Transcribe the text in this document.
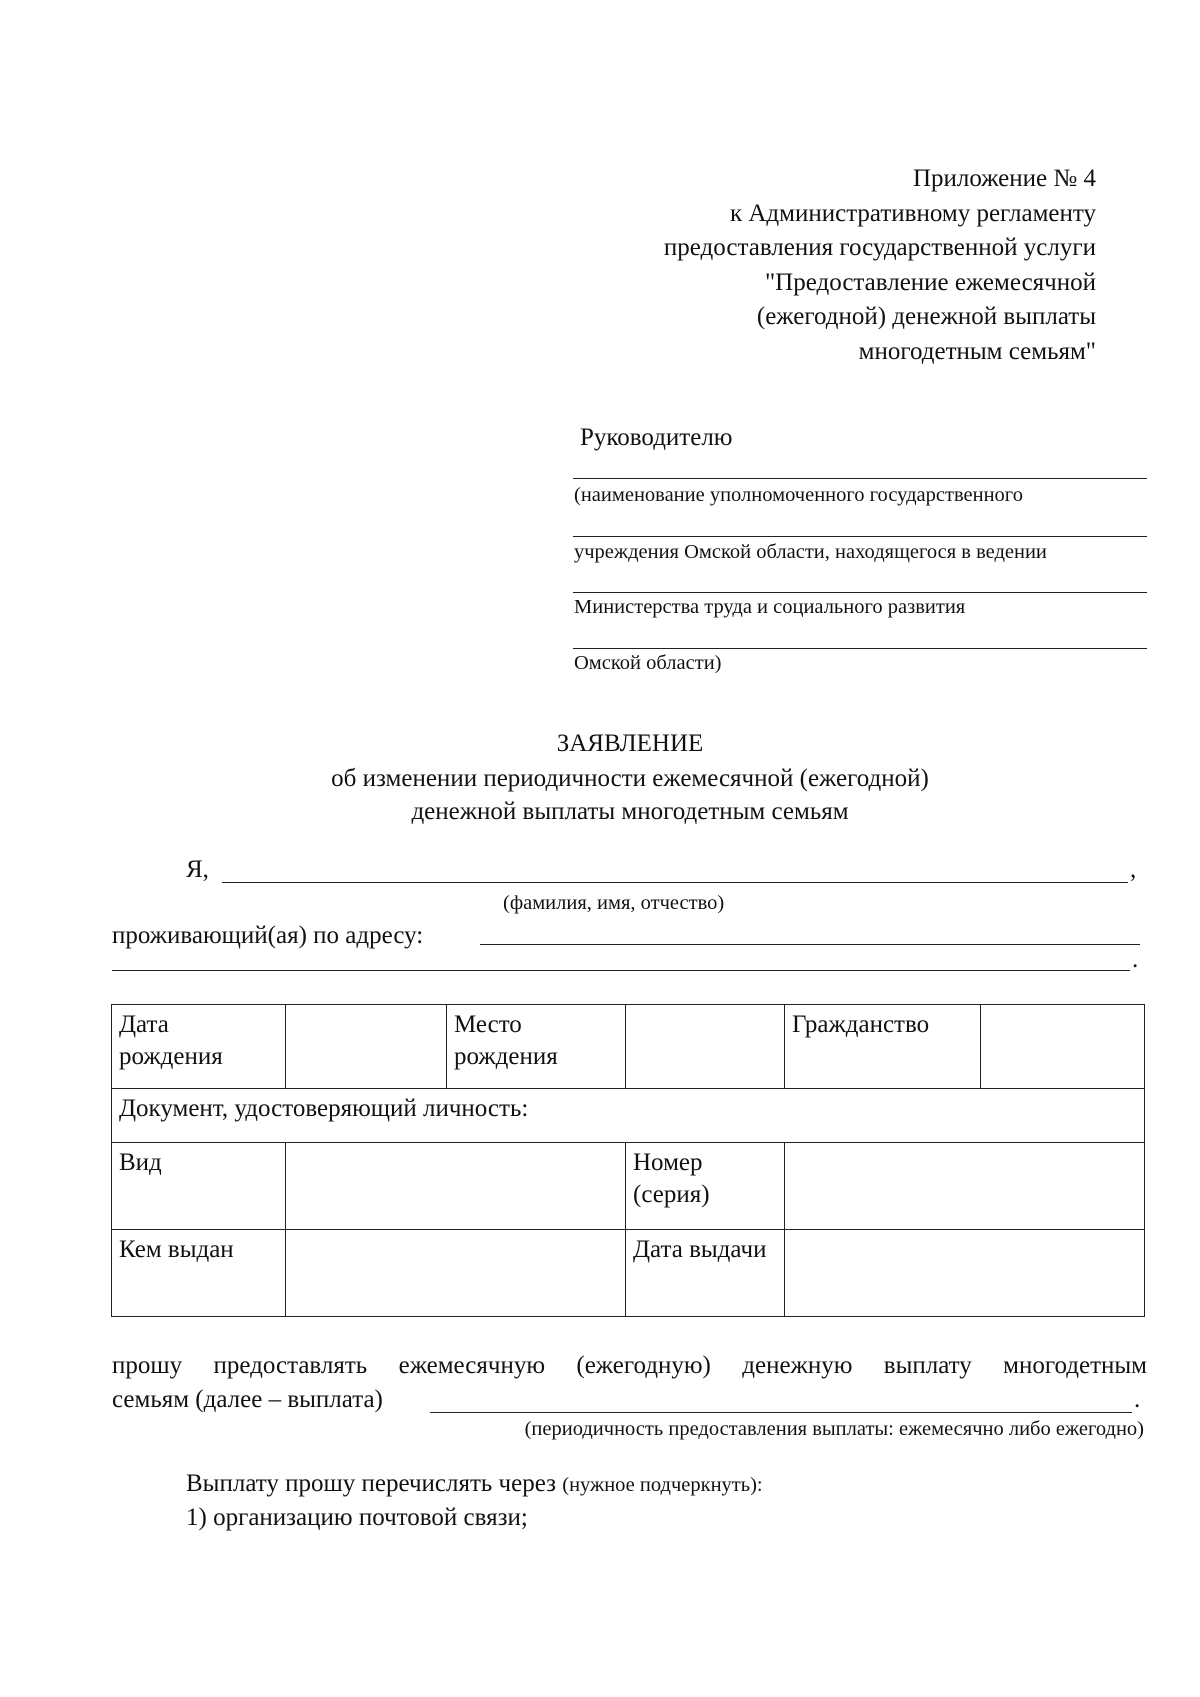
Приложение № 4
к Административному регламенту
предоставления государственной услуги
"Предоставление ежемесячной
(ежегодной) денежной выплаты
многодетным семьям"
Руководителю
(наименование уполномоченного государственного
учреждения Омской области, находящегося в ведении
Министерства труда и социального развития
Омской области)
ЗАЯВЛЕНИЕ
об изменении периодичности ежемесячной (ежегодной)
денежной выплаты многодетным семьям
Я,	,
(фамилия, имя, отчество)
проживающий(ая) по адресу:
.
Дата рождения		Место рождения		Гражданство	
Документ, удостоверяющий личность:					
Вид			Номер (серия)		
Кем выдан			Дата выдачи		
прошу предоставлять ежемесячную (ежегодную) денежную выплату многодетным
семьям (далее – выплата)	.
(периодичность предоставления выплаты: ежемесячно либо ежегодно)
Выплату прошу перечислять через (нужное подчеркнуть):
1) организацию почтовой связи;
